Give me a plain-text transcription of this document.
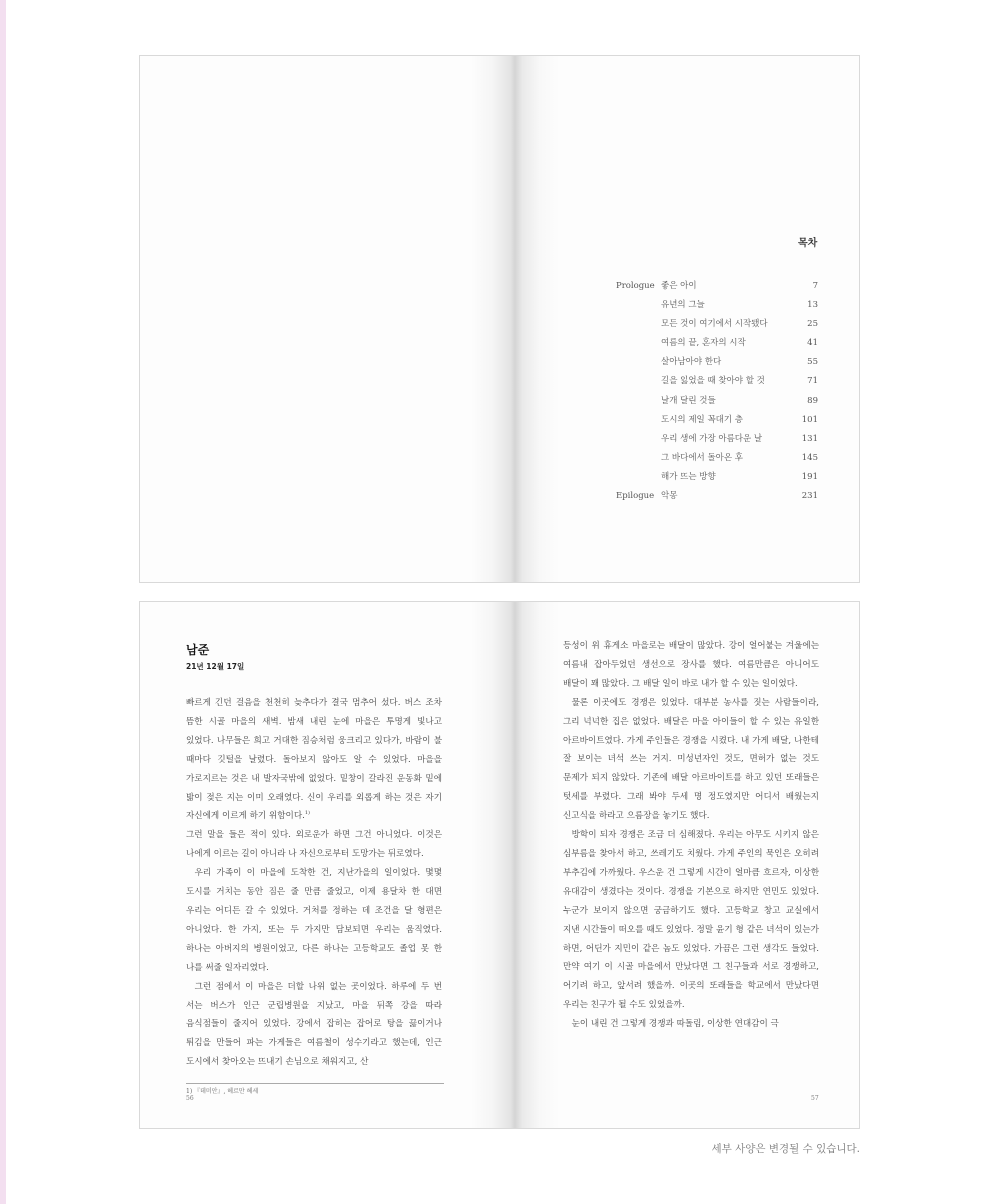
목차
Prologue 좋은 아이	7
유년의 그늘	13
모든 것이 여기에서 시작됐다	25
여름의 끝, 혼자의 시작	41
살아남아야 한다	55
길을 잃었을 때 찾아야 할 것	71
날개 달린 것들	89
도시의 제일 꼭대기 층	101
우리 생에 가장 아름다운 날	131
그 바다에서 돌아온 후	145
해가 뜨는 방향	191
Epilogue 악몽	231
남준
21년 12월 17일

빠르게 긴던 걸음을 천천히 늦추다가 결국 멈추어 섰다. 버스 조차 뜸한 시골 마을의 새벽. 밤새 내린 눈에 마을은 투명게 빛나고 있었다. 나무들은 희고 거대한 짐승처럼 웅크리고 있다가, 바람이 불 때마다 깃털을 날렸다. 돌아보지 않아도 알 수 있었다. 마을을 가로지르는 것은 내 발자국밖에 없었다. 밑창이 갈라진 운동화 밑에 밟이 젖은 지는 이미 오래였다. 신이 우리를 외롭게 하는 것은 자기 자신에게 이르게 하기 위함이다.$^{1)}$

그런 말을 들은 적이 있다. 외로운가 하면 그건 아니었다. 이것은 나에게 이르는 길이 아니라 나 자신으로부터 도망가는 뒤로였다.

우리 가족이 이 마을에 도착한 건, 지난가을의 일이었다. 몇몇 도시를 거치는 동안 짐은 줄 만큼 줄었고, 이제 용달차 한 대면 우리는 어디든 갈 수 있었다. 거처를 정하는 데 조건을 달 형편은 아니었다. 한 가지, 또는 두 가지만 담보되면 우리는 움직였다. 하나는 아버지의 병원이었고, 다른 하나는 고등학교도 졸업 못 한 나를 써줄 일자리였다.

그런 점에서 이 마을은 더할 나위 없는 곳이었다. 하루에 두 번 서는 버스가 인근 군립병원을 지났고, 마을 뒤쪽 강을 따라 음식점들이 줄지어 있었다. 강에서 잡히는 잡어로 탕을 끓이거나 튀김을 만들어 파는 가게들은 여름철이 성수기라고 했는데, 인근 도시에서 찾아오는 뜨내기 손님으로 채워지고, 산

1) 『데미안』, 헤르만 헤세
56

등성이 위 휴게소 마을로는 배달이 많았다. 강이 얼어붙는 겨울에는 여름내 잡아두었던 생선으로 장사를 했다. 여름만큼은 아니어도 배달이 꽤 많았다. 그 배달 일이 바로 내가 할 수 있는 일이었다.

물론 이곳에도 경쟁은 있었다. 대부분 농사를 짓는 사람들이라, 그리 넉넉한 집은 없었다. 배달은 마을 아이들이 할 수 있는 유일한 아르바이트였다. 가게 주인들은 경쟁을 시켰다. 내 가게 배달, 나한테 잘 보이는 녀석 쓰는 거지. 미성년자인 것도, 면허가 없는 것도 문제가 되지 않았다. 기존에 배달 아르바이트를 하고 있던 또래들은 텃세를 부렸다. 그래 봐야 두세 명 정도였지만 어디서 배웠는지 신고식을 하라고 으름장을 놓기도 했다.

방학이 되자 경쟁은 조금 더 심해졌다. 우리는 아무도 시키지 않은 심부름을 찾아서 하고, 쓰레기도 치웠다. 가게 주인의 묵인은 오히려 부추김에 가까웠다. 우스운 건 그렇게 시간이 얼마큼 흐르자, 이상한 유대감이 생겼다는 것이다. 경쟁을 기본으로 하지만 연민도 있었다. 누군가 보이지 않으면 궁금하기도 했다. 고등학교 창고 교실에서 지낸 시간들이 떠오를 때도 있었다. 정말 윤기 형 같은 녀석이 있는가 하면, 어딘가 지민이 같은 놈도 있었다. 가끔은 그런 생각도 들었다. 만약 여기 이 시골 마을에서 만났다면 그 친구들과 서로 경쟁하고, 어기려 하고, 앞서려 했을까. 이곳의 또래들을 학교에서 만났다면 우리는 친구가 될 수도 있었을까.

눈이 내린 건 그렇게 경쟁과 따돌림, 이상한 연대감이 극

57
세부 사양은 변경될 수 있습니다.
